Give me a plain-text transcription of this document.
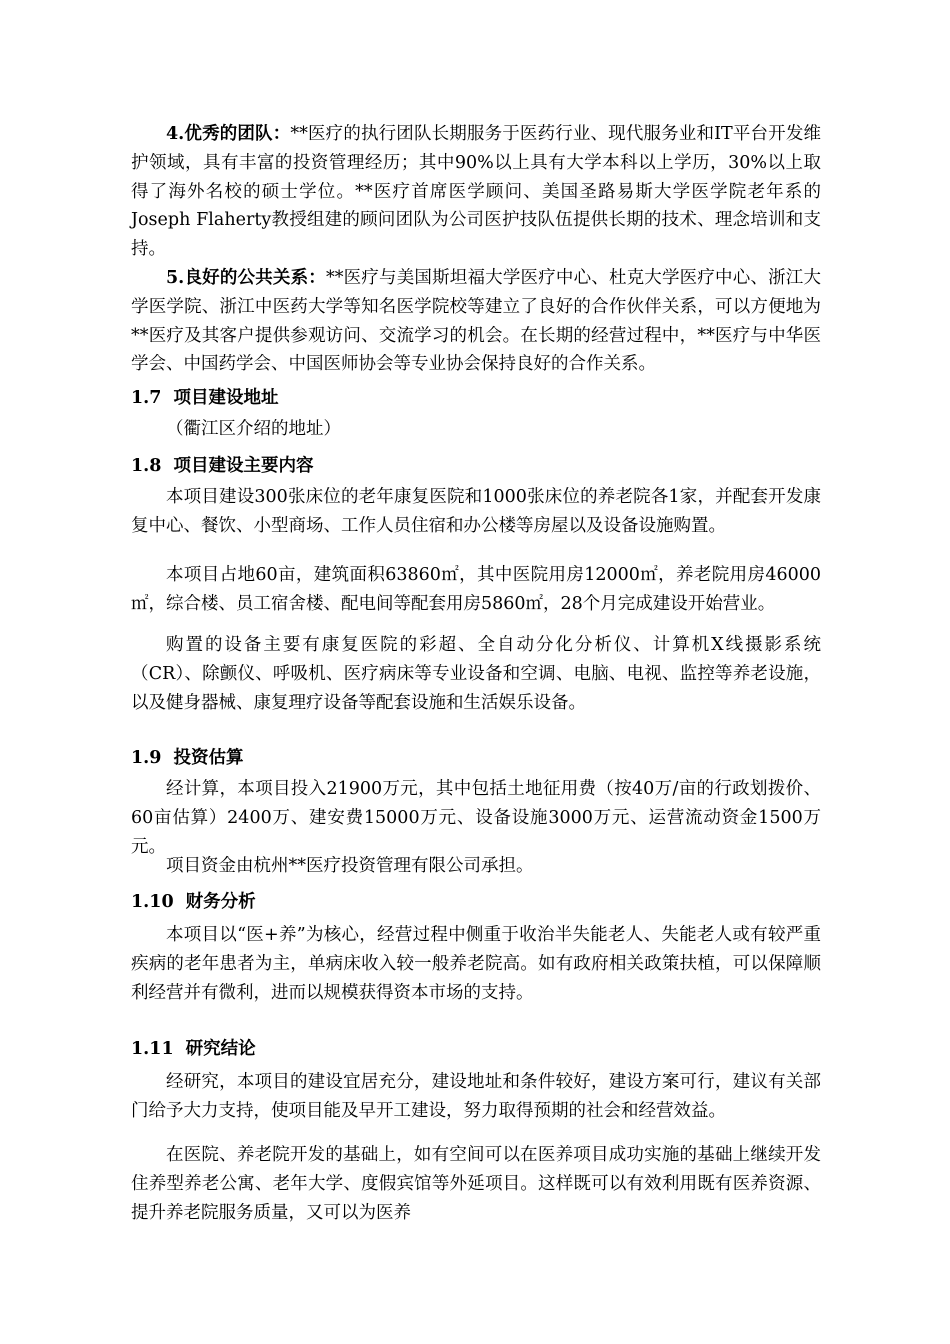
4.优秀的团队：**医疗的执行团队长期服务于医药行业、现代服务业和IT平台开发维护领域，具有丰富的投资管理经历；其中90%以上具有大学本科以上学历，30%以上取得了海外名校的硕士学位。**医疗首席医学顾问、美国圣路易斯大学医学院老年系的Joseph Flaherty教授组建的顾问团队为公司医护技队伍提供长期的技术、理念培训和支持。

5.良好的公共关系：**医疗与美国斯坦福大学医疗中心、杜克大学医疗中心、浙江大学医学院、浙江中医药大学等知名医学院校等建立了良好的合作伙伴关系，可以方便地为**医疗及其客户提供参观访问、交流学习的机会。在长期的经营过程中，**医疗与中华医学会、中国药学会、中国医师协会等专业协会保持良好的合作关系。

1.7 项目建设地址

（衢江区介绍的地址）

1.8 项目建设主要内容

本项目建设300张床位的老年康复医院和1000张床位的养老院各1家，并配套开发康复中心、餐饮、小型商场、工作人员住宿和办公楼等房屋以及设备设施购置。

本项目占地60亩，建筑面积63860㎡，其中医院用房12000㎡，养老院用房46000㎡，综合楼、员工宿舍楼、配电间等配套用房5860㎡，28个月完成建设开始营业。

购置的设备主要有康复医院的彩超、全自动分化分析仪、计算机X线摄影系统（CR）、除颤仪、呼吸机、医疗病床等专业设备和空调、电脑、电视、监控等养老设施，以及健身器械、康复理疗设备等配套设施和生活娱乐设备。

1.9 投资估算

经计算，本项目投入21900万元，其中包括土地征用费（按40万/亩的行政划拨价、60亩估算）2400万、建安费15000万元、设备设施3000万元、运营流动资金1500万元。

项目资金由杭州**医疗投资管理有限公司承担。

1.10 财务分析

本项目以“医+养”为核心，经营过程中侧重于收治半失能老人、失能老人或有较严重疾病的老年患者为主，单病床收入较一般养老院高。如有政府相关政策扶植，可以保障顺利经营并有微利，进而以规模获得资本市场的支持。

1.11 研究结论

经研究，本项目的建设宜居充分，建设地址和条件较好，建设方案可行，建议有关部门给予大力支持，使项目能及早开工建设，努力取得预期的社会和经营效益。

在医院、养老院开发的基础上，如有空间可以在医养项目成功实施的基础上继续开发住养型养老公寓、老年大学、度假宾馆等外延项目。这样既可以有效利用既有医养资源、提升养老院服务质量，又可以为医养
